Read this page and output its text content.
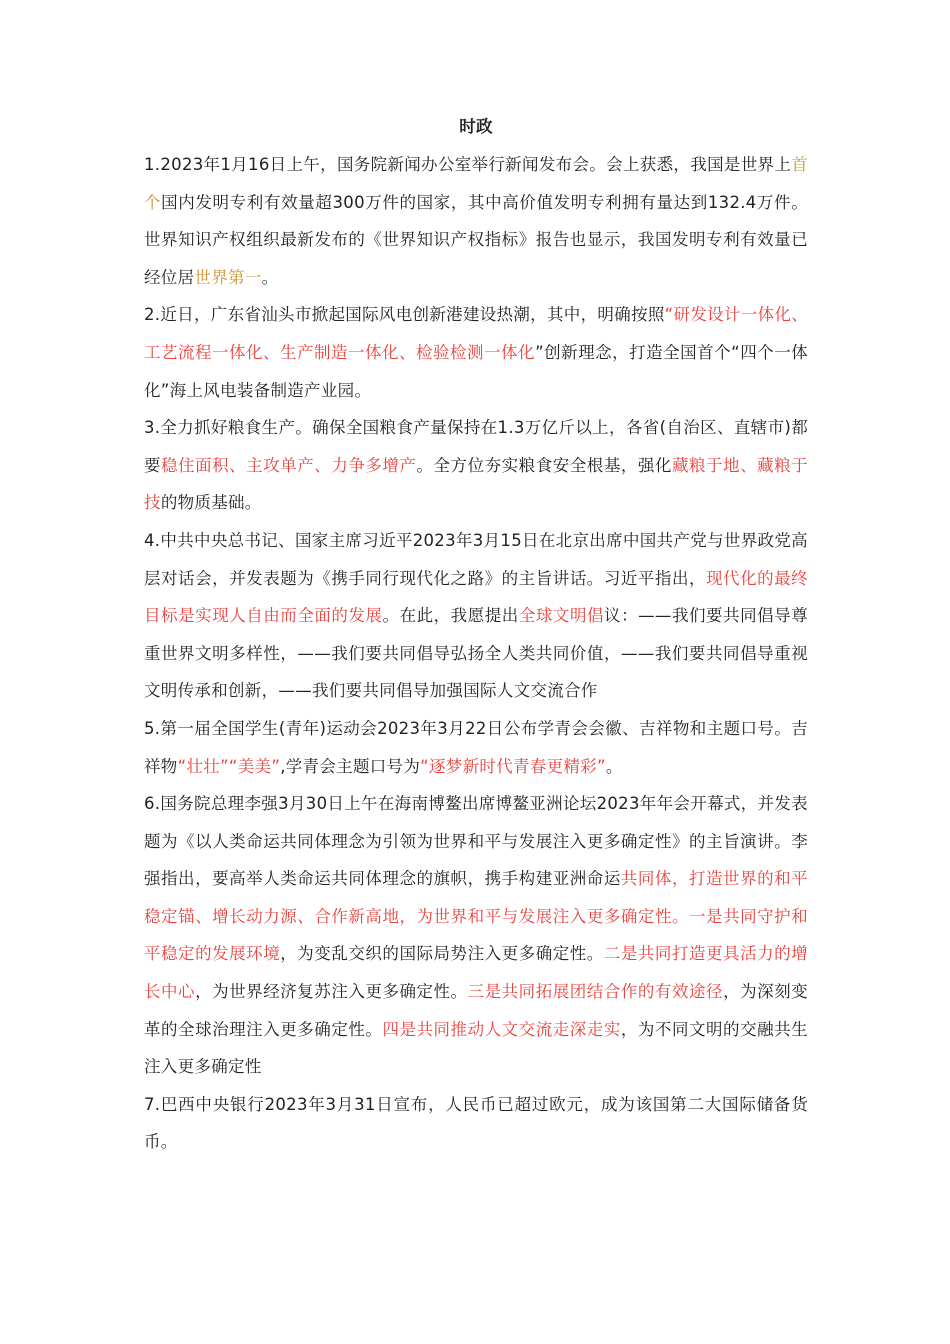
时政

1.2023年1月16日上午，国务院新闻办公室举行新闻发布会。会上获悉，我国是世界上首个国内发明专利有效量超300万件的国家，其中高价值发明专利拥有量达到132.4万件。世界知识产权组织最新发布的《世界知识产权指标》报告也显示，我国发明专利有效量已经位居世界第一。

2.近日，广东省汕头市掀起国际风电创新港建设热潮，其中，明确按照“研发设计一体化、工艺流程一体化、生产制造一体化、检验检测一体化”创新理念，打造全国首个“四个一体化”海上风电装备制造产业园。

3.全力抓好粮食生产。确保全国粮食产量保持在1.3万亿斤以上，各省(自治区、直辖市)都要稳住面积、主攻单产、力争多增产。全方位夯实粮食安全根基，强化藏粮于地、藏粮于技的物质基础。

4.中共中央总书记、国家主席习近平2023年3月15日在北京出席中国共产党与世界政党高层对话会，并发表题为《携手同行现代化之路》的主旨讲话。习近平指出，现代化的最终目标是实现人自由而全面的发展。在此，我愿提出全球文明倡议：——我们要共同倡导尊重世界文明多样性，——我们要共同倡导弘扬全人类共同价值，——我们要共同倡导重视文明传承和创新，——我们要共同倡导加强国际人文交流合作

5.第一届全国学生(青年)运动会2023年3月22日公布学青会会徽、吉祥物和主题口号。吉祥物“壮壮”“美美”,学青会主题口号为“逐梦新时代青春更精彩”。

6.国务院总理李强3月30日上午在海南博鳌出席博鳌亚洲论坛2023年年会开幕式，并发表题为《以人类命运共同体理念为引领为世界和平与发展注入更多确定性》的主旨演讲。李强指出，要高举人类命运共同体理念的旗帜，携手构建亚洲命运共同体，打造世界的和平稳定锚、增长动力源、合作新高地，为世界和平与发展注入更多确定性。一是共同守护和平稳定的发展环境，为变乱交织的国际局势注入更多确定性。二是共同打造更具活力的增长中心，为世界经济复苏注入更多确定性。三是共同拓展团结合作的有效途径，为深刻变革的全球治理注入更多确定性。四是共同推动人文交流走深走实，为不同文明的交融共生注入更多确定性

7.巴西中央银行2023年3月31日宣布，人民币已超过欧元，成为该国第二大国际储备货币。
